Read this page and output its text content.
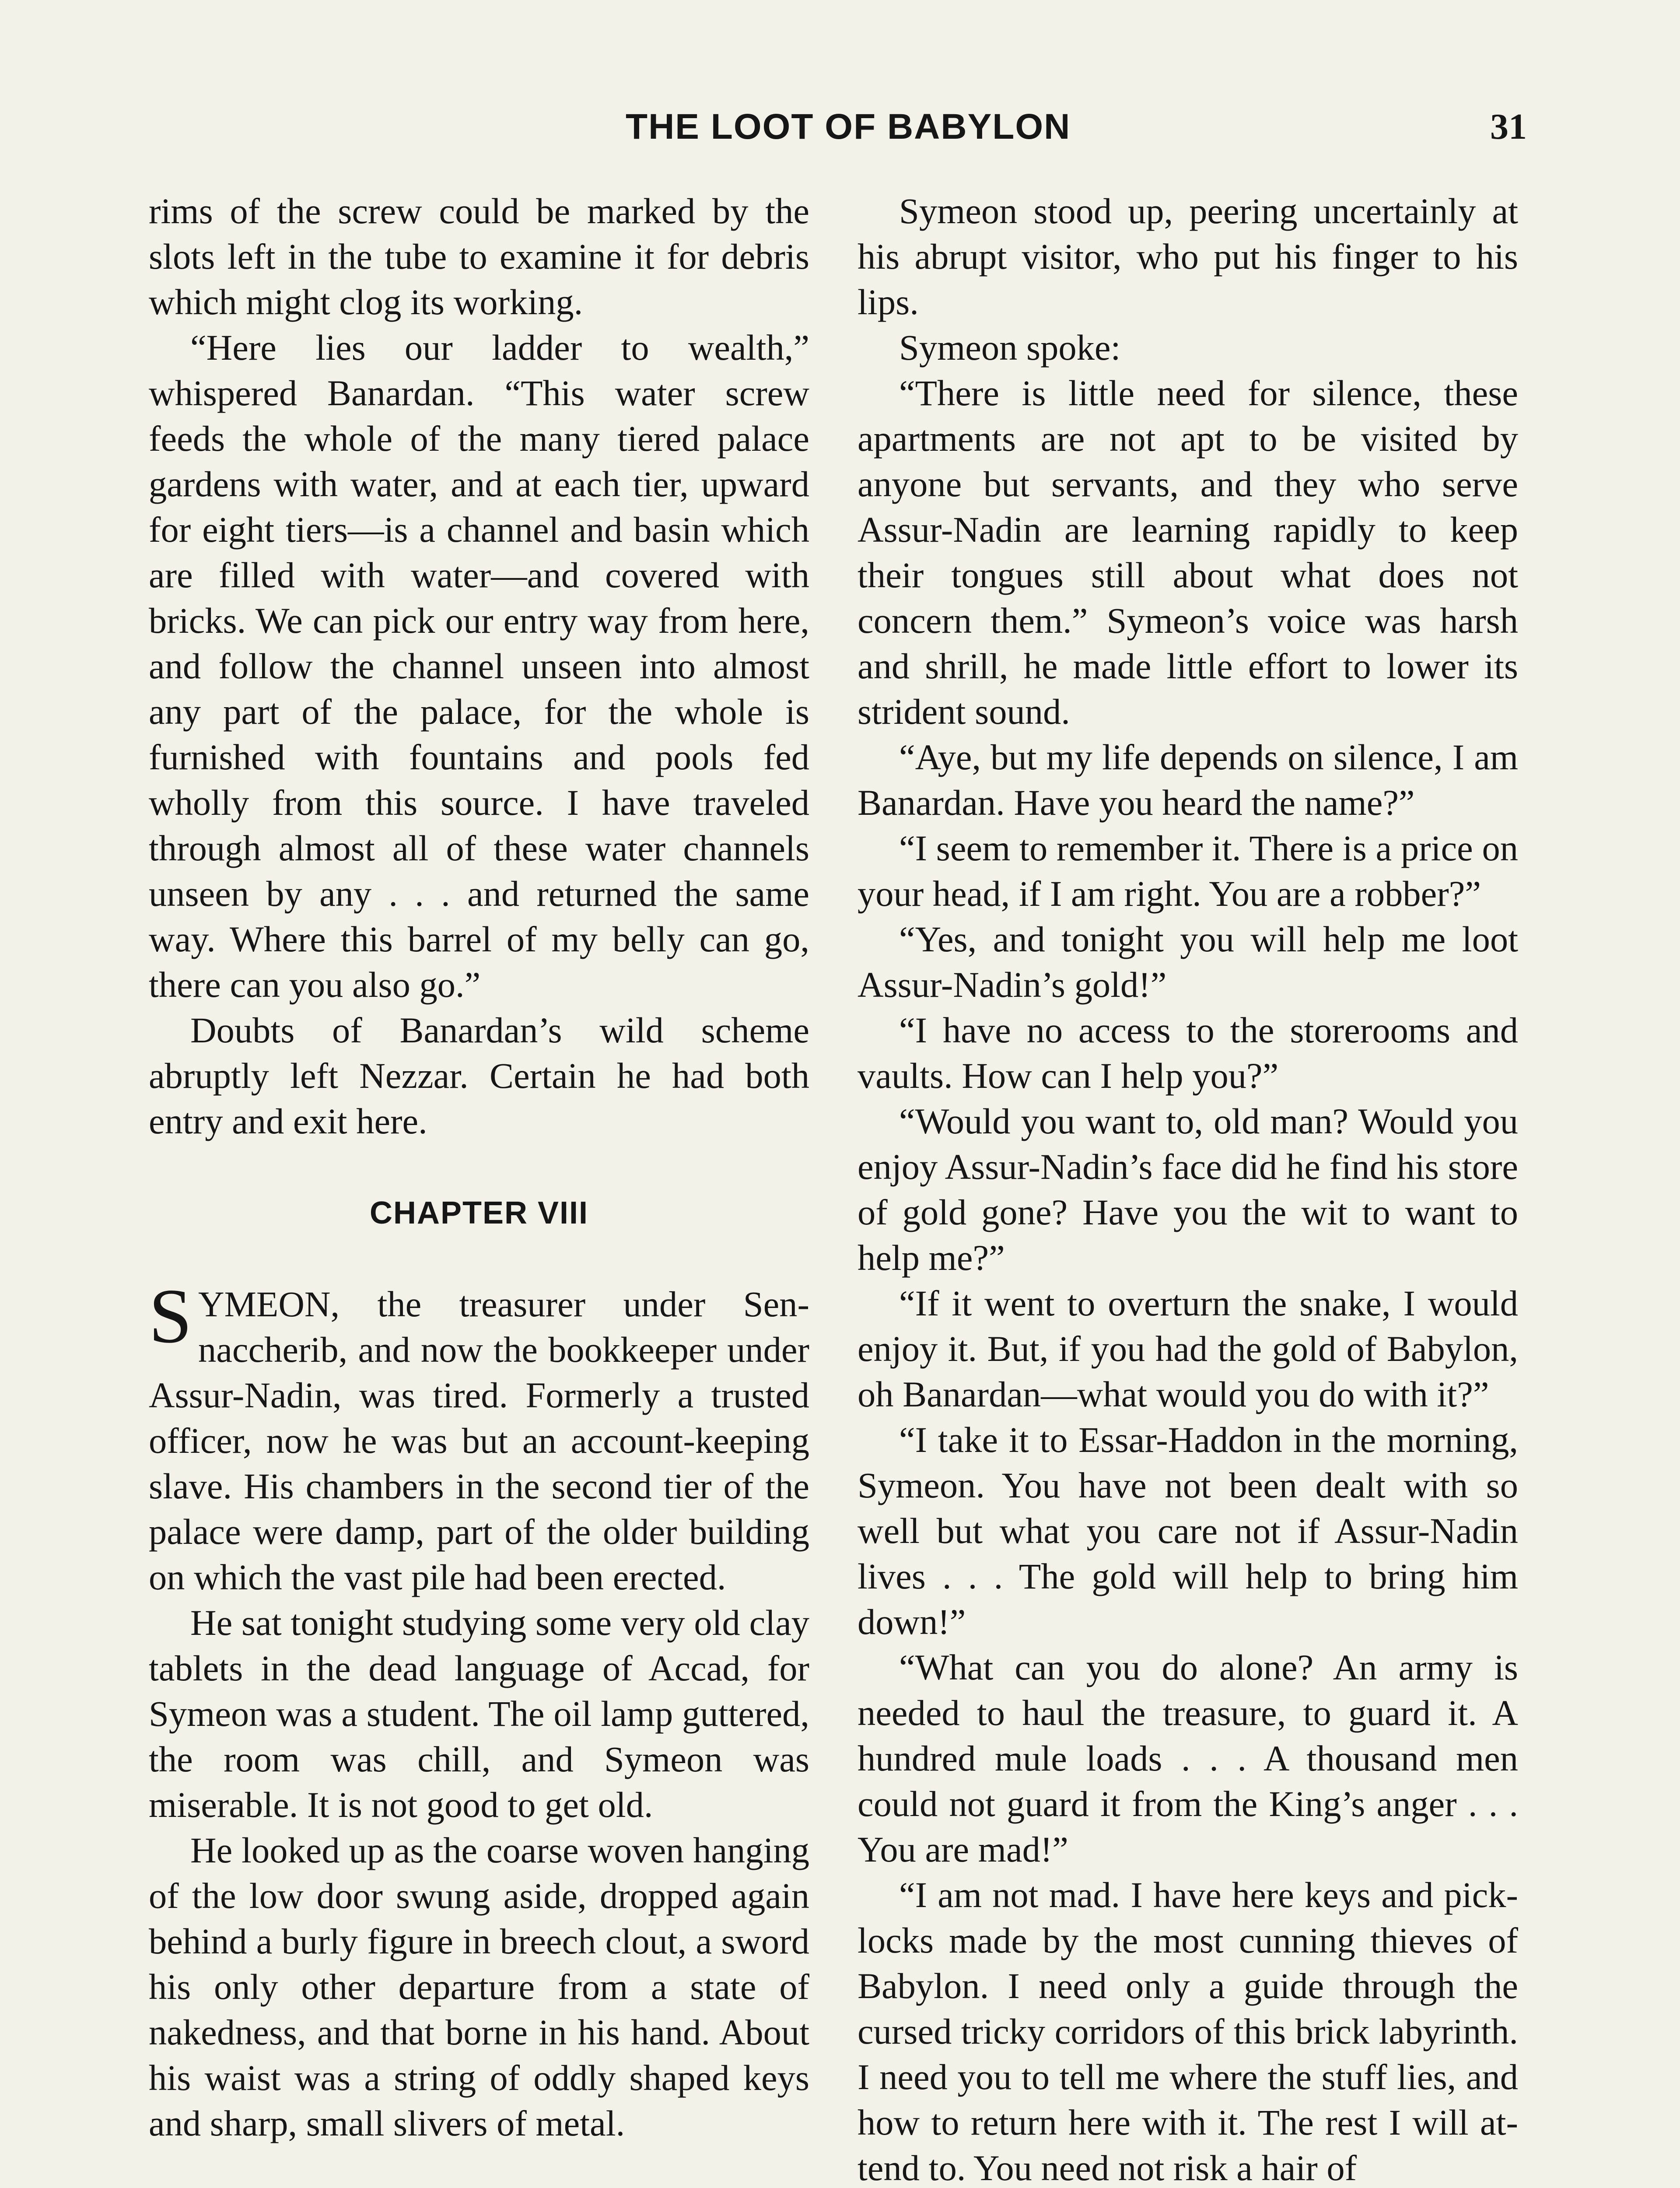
THE LOOT OF BABYLON	31

rims of the screw could be marked by the slots left in the tube to examine it for debris which might clog its working.

“Here lies our ladder to wealth,” whispered Banardan. “This water screw feeds the whole of the many tiered palace gardens with water, and at each tier, upward for eight tiers—is a channel and basin which are filled with water—and covered with bricks. We can pick our entry way from here, and follow the channel unseen into almost any part of the palace, for the whole is furnished with fountains and pools fed wholly from this source. I have traveled through almost all of these water channels unseen by any . . . and returned the same way. Where this barrel of my belly can go, there can you also go.”

Doubts of Banardan’s wild scheme abruptly left Nezzar. Certain he had both entry and exit here.

CHAPTER VIII

SYMEON, the treasurer under Sennaccherib, and now the bookkeeper under Assur-Nadin, was tired. Formerly a trusted officer, now he was but an account-keeping slave. His chambers in the second tier of the palace were damp, part of the older building on which the vast pile had been erected.

He sat tonight studying some very old clay tablets in the dead language of Accad, for Symeon was a student. The oil lamp guttered, the room was chill, and Symeon was miserable. It is not good to get old.

He looked up as the coarse woven hanging of the low door swung aside, dropped again behind a burly figure in breech clout, a sword his only other departure from a state of nakedness, and that borne in his hand. About his waist was a string of oddly shaped keys and sharp, small slivers of metal.

Symeon stood up, peering uncertainly at his abrupt visitor, who put his finger to his lips.

Symeon spoke:

“There is little need for silence, these apartments are not apt to be visited by anyone but servants, and they who serve Assur-Nadin are learning rapidly to keep their tongues still about what does not concern them.” Symeon’s voice was harsh and shrill, he made little effort to lower its strident sound.

“Aye, but my life depends on silence, I am Banardan. Have you heard the name?”

“I seem to remember it. There is a price on your head, if I am right. You are a robber?”

“Yes, and tonight you will help me loot Assur-Nadin’s gold!”

“I have no access to the storerooms and vaults. How can I help you?”

“Would you want to, old man? Would you enjoy Assur-Nadin’s face did he find his store of gold gone? Have you the wit to want to help me?”

“If it went to overturn the snake, I would enjoy it. But, if you had the gold of Babylon, oh Banardan—what would you do with it?”

“I take it to Essar-Haddon in the morning, Symeon. You have not been dealt with so well but what you care not if Assur-Nadin lives . . . The gold will help to bring him down!”

“What can you do alone? An army is needed to haul the treasure, to guard it. A hundred mule loads . . . A thousand men could not guard it from the King’s anger . . . You are mad!”

“I am not mad. I have here keys and pick-locks made by the most cunning thieves of Babylon. I need only a guide through the cursed tricky corridors of this brick labyrinth. I need you to tell me where the stuff lies, and how to return here with it. The rest I will attend to. You need not risk a hair of
